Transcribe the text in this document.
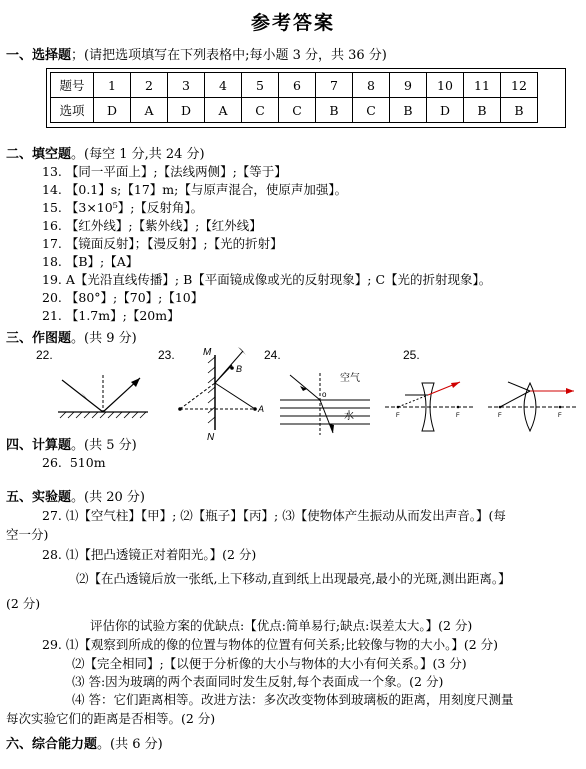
参考答案
一、选择题；(请把选项填写在下列表格中;每小题 3 分，共 36 分)
题号	1	2	3	4	5	6	7	8	9	10	11	12
选项	D	A	D	A	C	C	B	C	B	D	B	B
二、填空题。(每空 1 分,共 24 分)
13. 【同一平面上】;【法线两侧】;【等于】
14. 【0.1】s;【17】m;【与原声混合，使原声加强】。
15. 【3×10⁵】;【反射角】。
16. 【红外线】;【紫外线】;【红外线】
17. 【镜面反射】；【漫反射】;【光的折射】
18. 【B】;【A】
19. A【光沿直线传播】; B【平面镜成像或光的反射现象】; C【光的折射现象】。
20. 【80°】;【70】;【10】
21. 【1.7m】;【20m】
三、作图题。(共 9 分)
22.	23.	M
N
A
B
24.
空气
水
o
25.
F	F	F	F
四、计算题。(共 5 分)
26. 510m
五、实验题。(共 20 分)
27. ⑴【空气柱】【甲】; ⑵【瓶子】【丙】; ⑶【使物体产生振动从而发出声音。】(每
空一分)
28. ⑴【把凸透镜正对着阳光。】(2 分)
⑵【在凸透镜后放一张纸,上下移动,直到纸上出现最亮,最小的光斑,测出距离。】
(2 分)
评估你的试验方案的优缺点:【优点:简单易行;缺点:误差太大。】(2 分)
29. ⑴【观察到所成的像的位置与物体的位置有何关系;比较像与物的大小。】(2 分)
⑵【完全相同】;【以便于分析像的大小与物体的大小有何关系。】(3 分)
⑶ 答:因为玻璃的两个表面同时发生反射,每个表面成一个象。(2 分)
⑷ 答：它们距离相等。改进方法：多次改变物体到玻璃板的距离，用刻度尺测量
每次实验它们的距离是否相等。(2 分)
六、综合能力题。(共 6 分)
